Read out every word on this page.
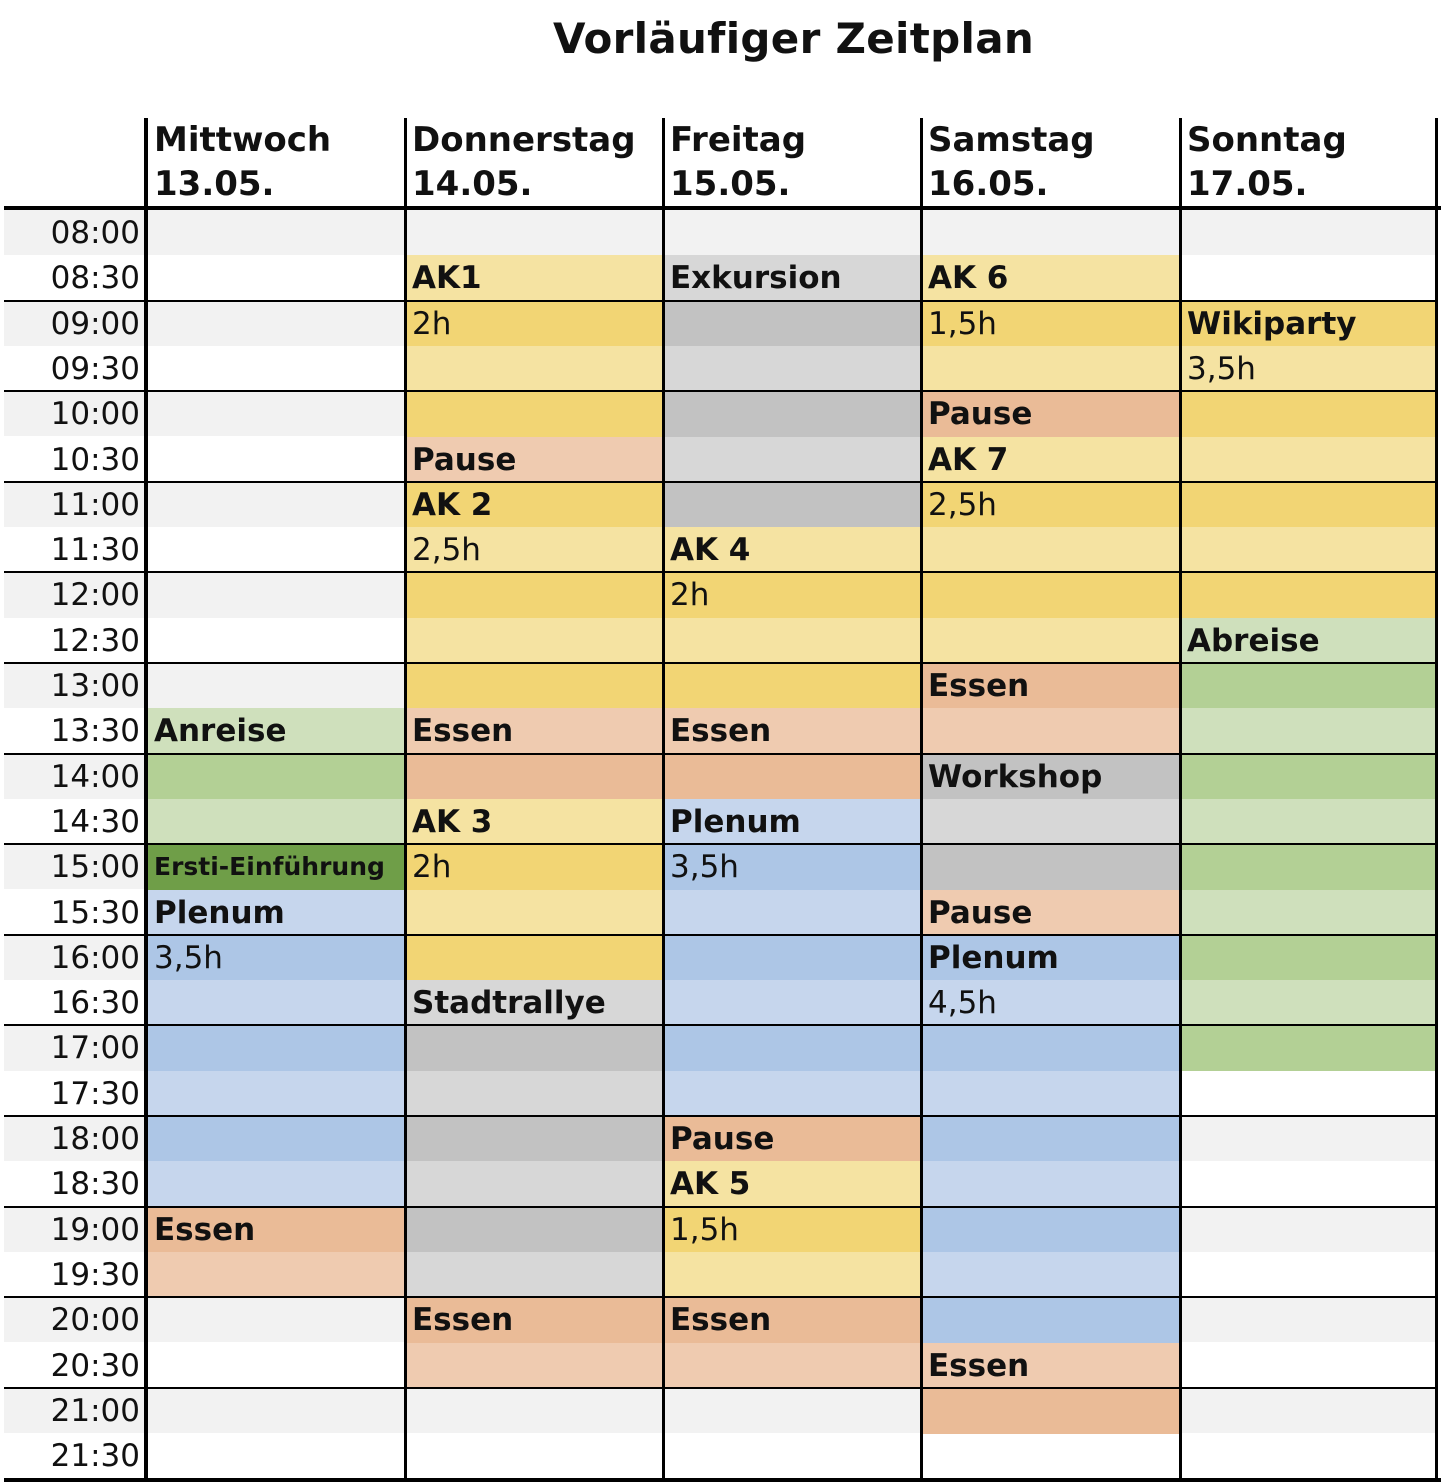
Vorläufiger Zeitplan
08:00
08:30
09:00
09:30
10:00
10:30
11:00
11:30
12:00
12:30
13:00
13:30
14:00
14:30
15:00
15:30
16:00
16:30
17:00
17:30
18:00
18:30
19:00
19:30
20:00
20:30
21:00
21:30
Mittwoch
13.05.
Donnerstag
14.05.
Freitag
15.05.
Samstag
16.05.
Sonntag
17.05.
Anreise
Ersti-Einführung
Plenum
3,5h
Essen
AK1
2h
Pause
AK 2
2,5h
Essen
AK 3
2h
Stadtrallye
Essen
Exkursion
AK 4
2h
Essen
Plenum
3,5h
Pause
AK 5
1,5h
Essen
AK 6
1,5h
Pause
AK 7
2,5h
Essen
Workshop
Pause
Plenum
4,5h
Essen
Wikiparty
3,5h
Abreise
